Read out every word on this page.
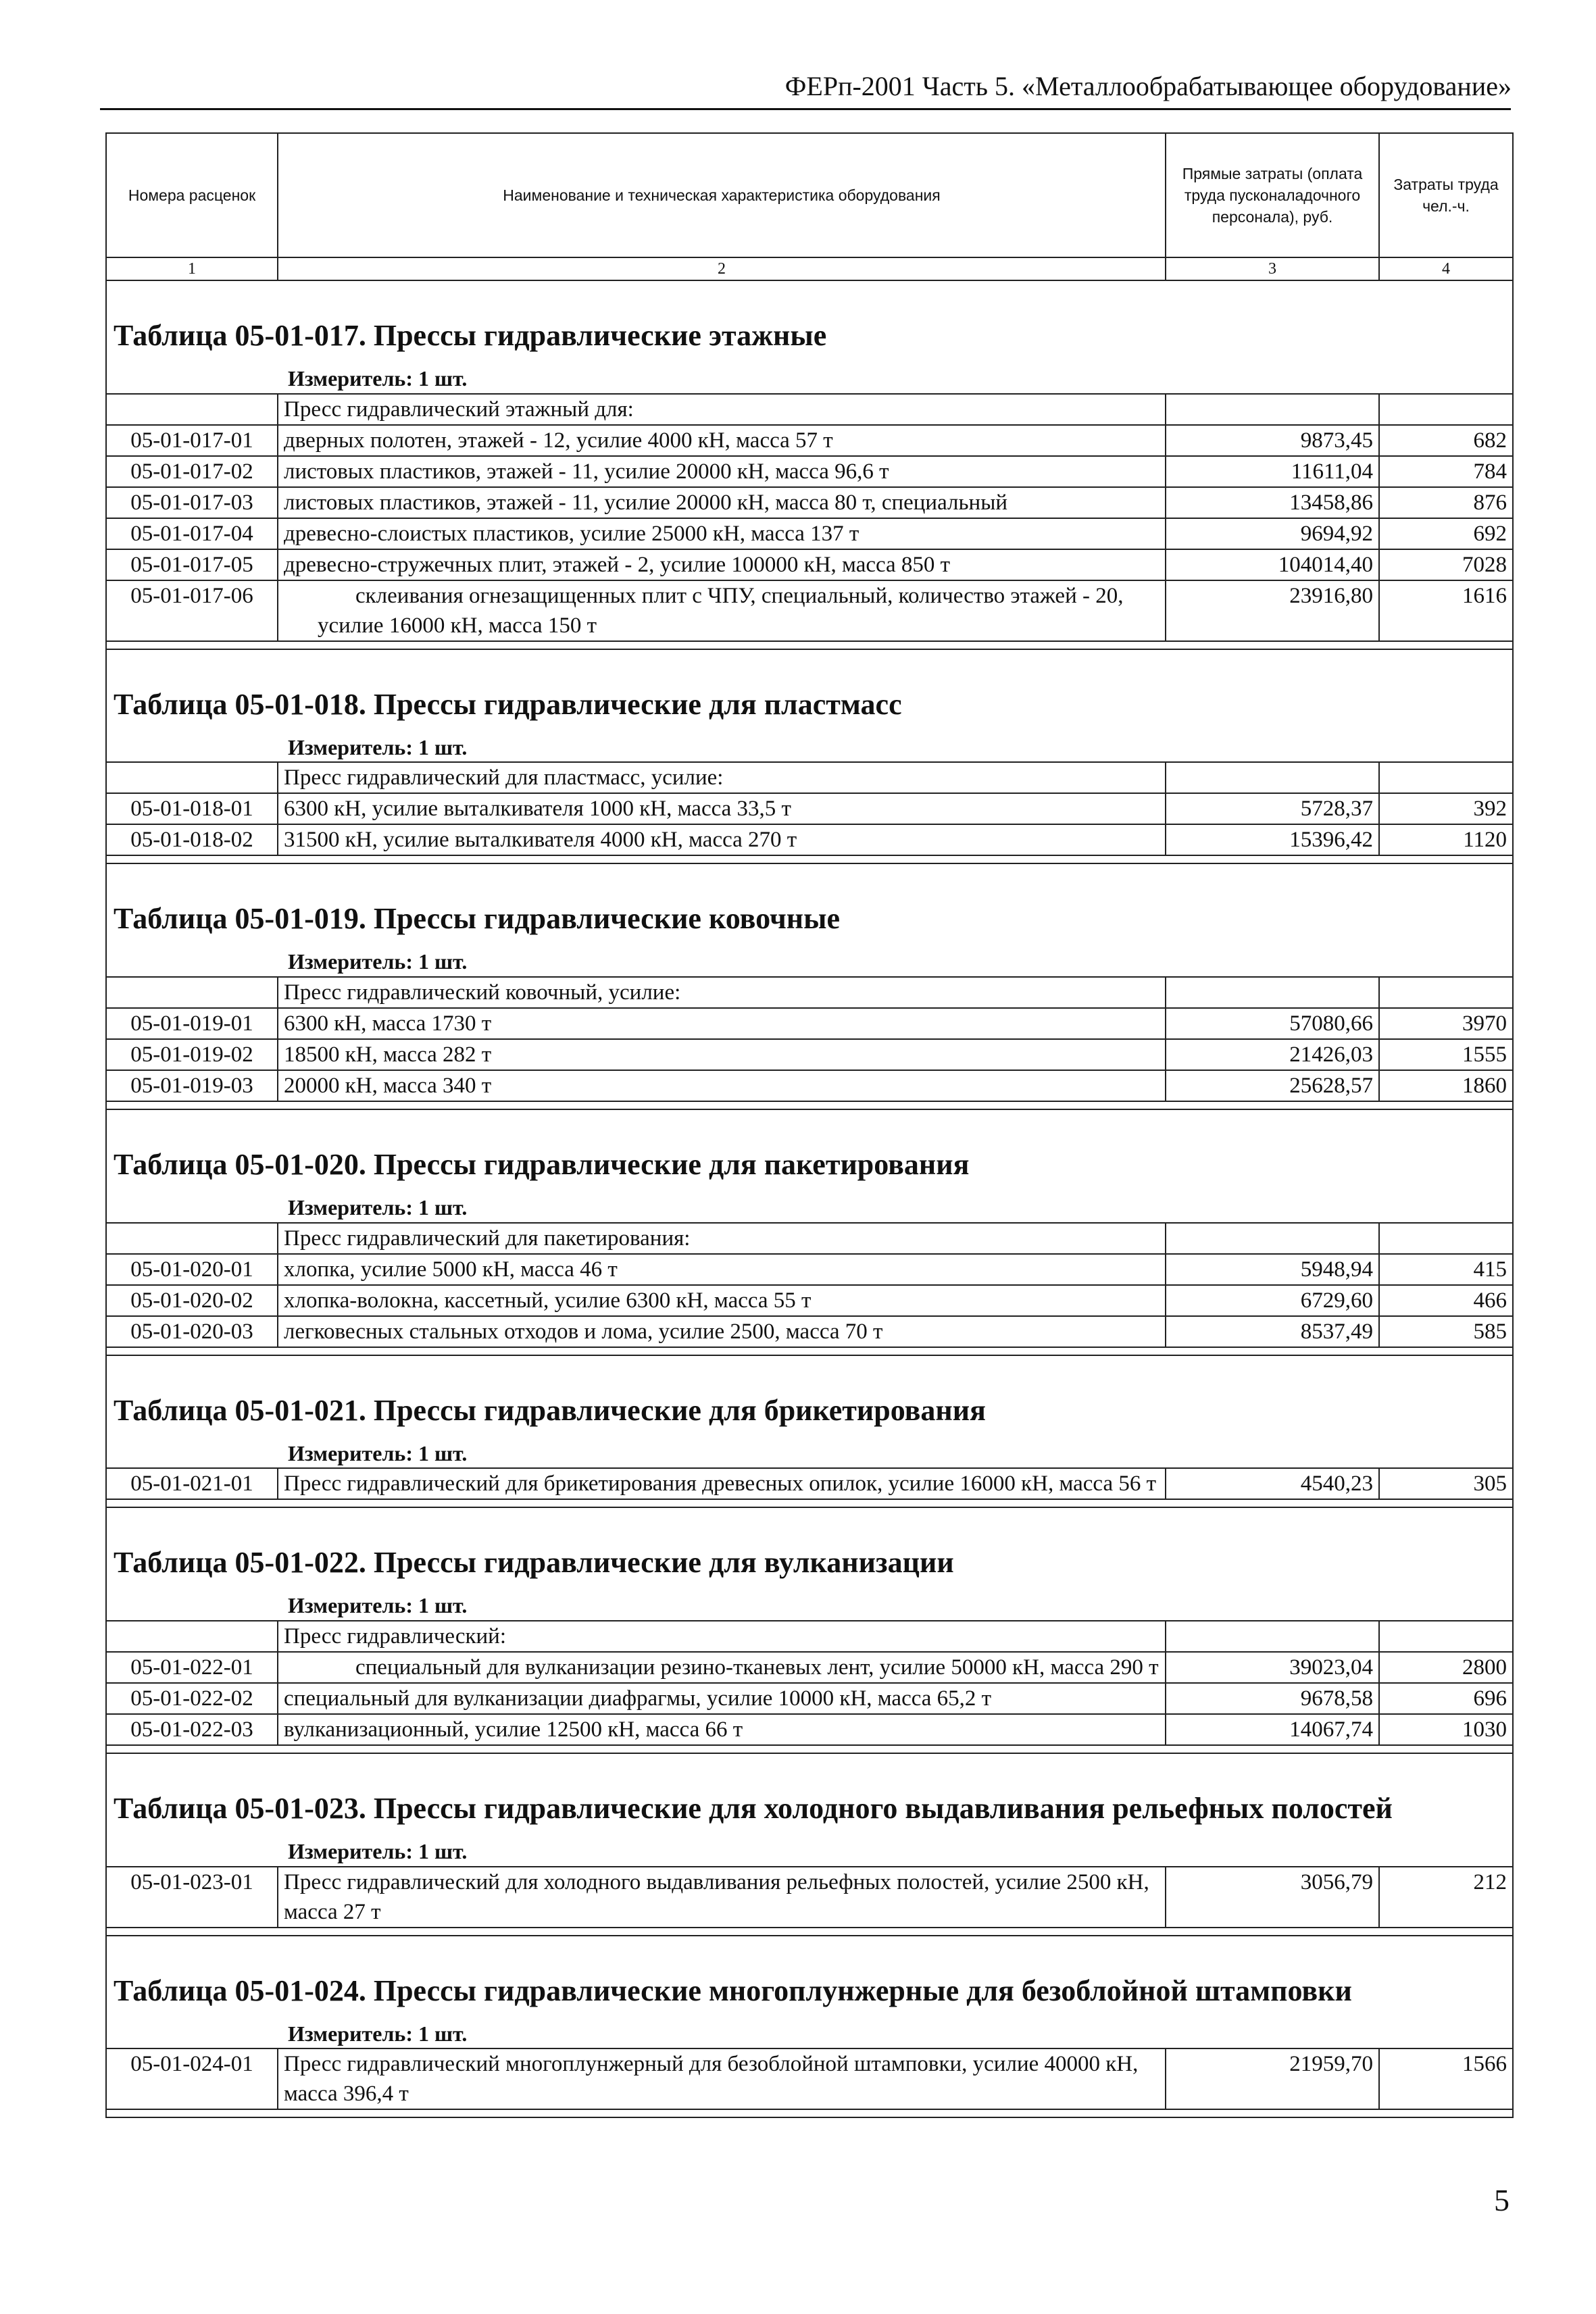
ФЕРп-2001 Часть 5. «Металлообрабатывающее оборудование»
Номера расценок	Наименование и техническая характеристика оборудования	Прямые затраты (оплата труда пусконаладочного персонала), руб.	Затраты труда чел.-ч.
1	2	3	4
Таблица 05-01-017. Прессы гидравлические этажные			
Измеритель: 1 шт.			
	Пресс гидравлический этажный для:		
05-01-017-01	дверных полотен, этажей - 12, усилие 4000 кН, масса 57 т	9873,45	682
05-01-017-02	листовых пластиков, этажей - 11, усилие 20000 кН, масса 96,6 т	11611,04	784
05-01-017-03	листовых пластиков, этажей - 11, усилие 20000 кН, масса 80 т, специальный	13458,86	876
05-01-017-04	древесно-слоистых пластиков, усилие 25000 кН, масса 137 т	9694,92	692
05-01-017-05	древесно-стружечных плит, этажей - 2, усилие 100000 кН, масса 850 т	104014,40	7028
05-01-017-06	склеивания огнезащищенных плит с ЧПУ, специальный, количество этажей - 20, усилие 16000 кН, масса 150 т	23916,80	1616

Таблица 05-01-018. Прессы гидравлические для пластмасс			
Измеритель: 1 шт.			
	Пресс гидравлический для пластмасс, усилие:		
05-01-018-01	6300 кН, усилие выталкивателя 1000 кН, масса 33,5 т	5728,37	392
05-01-018-02	31500 кН, усилие выталкивателя 4000 кН, масса 270 т	15396,42	1120

Таблица 05-01-019. Прессы гидравлические ковочные			
Измеритель: 1 шт.			
	Пресс гидравлический ковочный, усилие:		
05-01-019-01	6300 кН, масса 1730 т	57080,66	3970
05-01-019-02	18500 кН, масса 282 т	21426,03	1555
05-01-019-03	20000 кН, масса 340 т	25628,57	1860

Таблица 05-01-020. Прессы гидравлические для пакетирования			
Измеритель: 1 шт.			
	Пресс гидравлический для пакетирования:		
05-01-020-01	хлопка, усилие 5000 кН, масса 46 т	5948,94	415
05-01-020-02	хлопка-волокна, кассетный, усилие 6300 кН, масса 55 т	6729,60	466
05-01-020-03	легковесных стальных отходов и лома, усилие 2500, масса 70 т	8537,49	585

Таблица 05-01-021. Прессы гидравлические для брикетирования			
Измеритель: 1 шт.			
05-01-021-01	Пресс гидравлический для брикетирования древесных опилок, усилие 16000 кН, масса 56 т	4540,23	305

Таблица 05-01-022. Прессы гидравлические для вулканизации			
Измеритель: 1 шт.			
	Пресс гидравлический:		
05-01-022-01	специальный для вулканизации резино-тканевых лент, усилие 50000 кН, масса 290 т	39023,04	2800
05-01-022-02	специальный для вулканизации диафрагмы, усилие 10000 кН, масса 65,2 т	9678,58	696
05-01-022-03	вулканизационный, усилие 12500 кН, масса 66 т	14067,74	1030

Таблица 05-01-023. Прессы гидравлические для холодного выдавливания рельефных полостей			
Измеритель: 1 шт.			
05-01-023-01	Пресс гидравлический для холодного выдавливания рельефных полостей, усилие 2500 кН, масса 27 т	3056,79	212

Таблица 05-01-024. Прессы гидравлические многоплунжерные для безоблойной штамповки			
Измеритель: 1 шт.			
05-01-024-01	Пресс гидравлический многоплунжерный для безоблойной штамповки, усилие 40000 кН, масса 396,4 т	21959,70	1566

5
